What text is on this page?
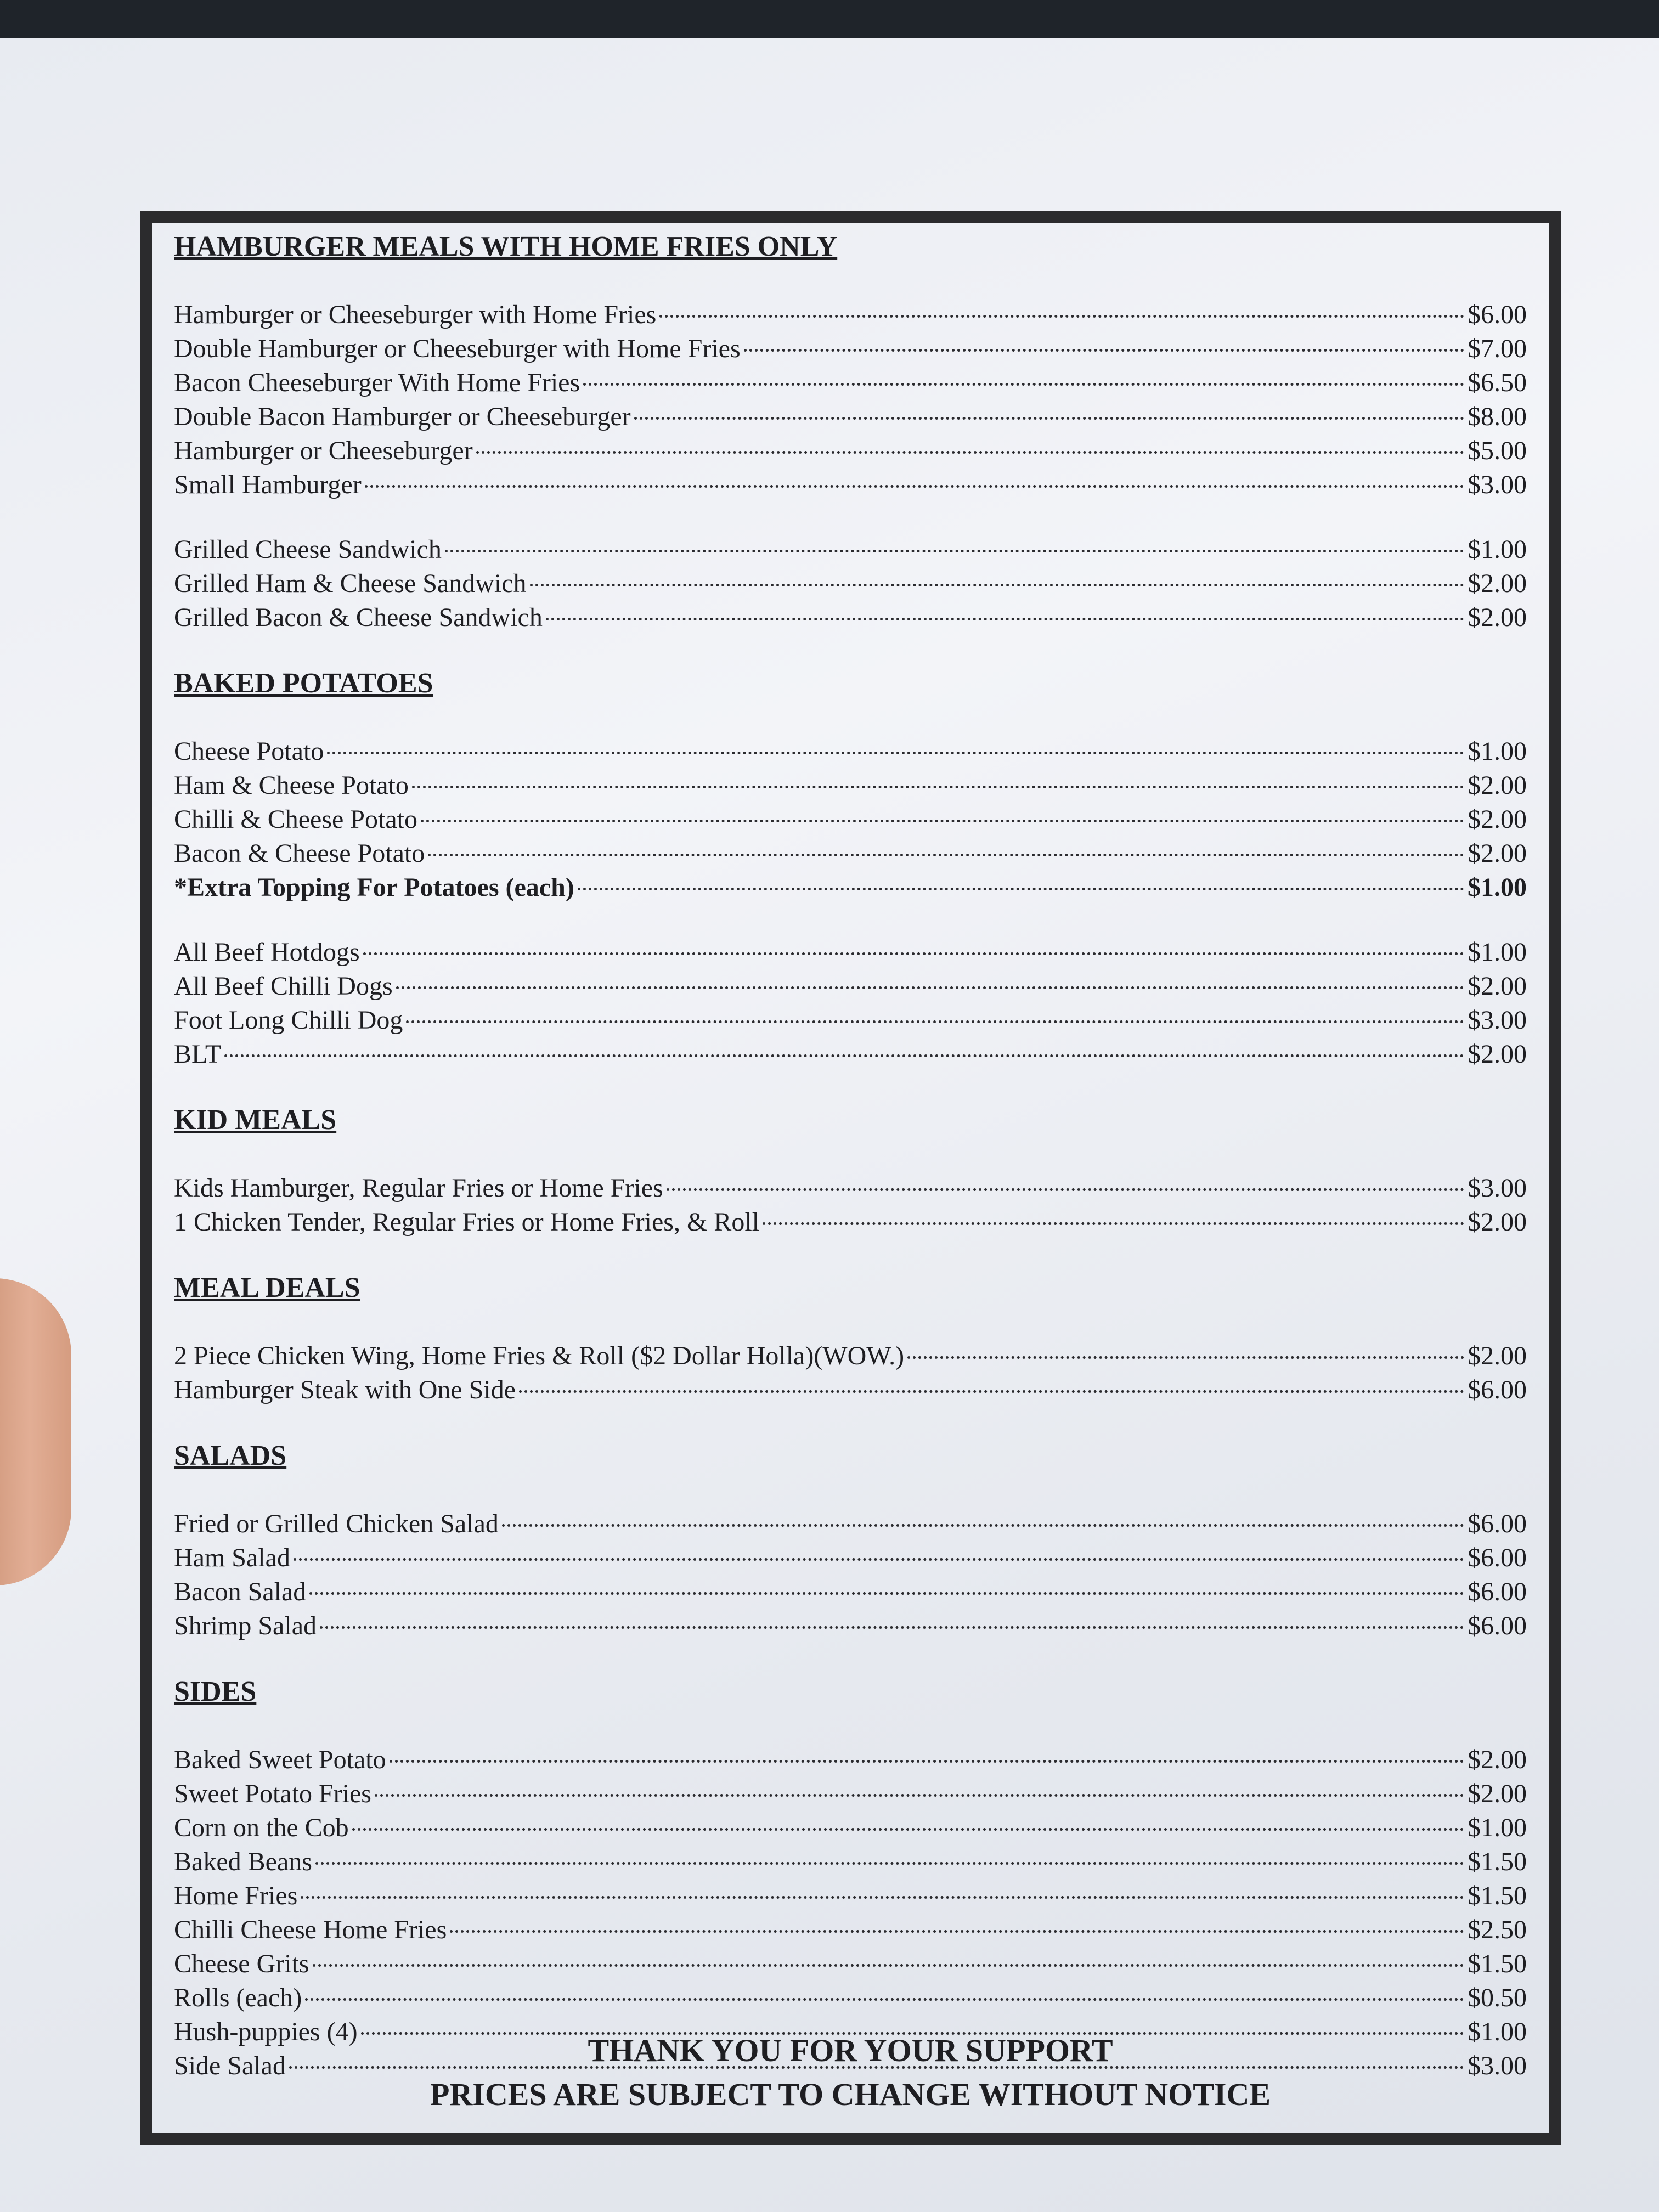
HAMBURGER MEALS WITH HOME FRIES ONLY
Hamburger or Cheeseburger with Home Fries	$6.00
Double Hamburger or Cheeseburger with Home Fries	$7.00
Bacon Cheeseburger With Home Fries	$6.50
Double Bacon Hamburger or Cheeseburger	$8.00
Hamburger or Cheeseburger	$5.00
Small Hamburger	$3.00
Grilled Cheese Sandwich	$1.00
Grilled Ham & Cheese Sandwich	$2.00
Grilled Bacon & Cheese Sandwich	$2.00
BAKED POTATOES
Cheese Potato	$1.00
Ham & Cheese Potato	$2.00
Chilli & Cheese Potato	$2.00
Bacon & Cheese Potato	$2.00
*Extra Topping For Potatoes (each)	$1.00
All Beef Hotdogs	$1.00
All Beef Chilli Dogs	$2.00
Foot Long Chilli Dog	$3.00
BLT	$2.00
KID MEALS
Kids Hamburger, Regular Fries or Home Fries	$3.00
1 Chicken Tender, Regular Fries or Home Fries, & Roll	$2.00
MEAL DEALS
2 Piece Chicken Wing, Home Fries & Roll ($2 Dollar Holla)(WOW.)	$2.00
Hamburger Steak with One Side	$6.00
SALADS
Fried or Grilled Chicken Salad	$6.00
Ham Salad	$6.00
Bacon Salad	$6.00
Shrimp Salad	$6.00
SIDES
Baked Sweet Potato	$2.00
Sweet Potato Fries	$2.00
Corn on the Cob	$1.00
Baked Beans	$1.50
Home Fries	$1.50
Chilli Cheese Home Fries	$2.50
Cheese Grits	$1.50
Rolls (each)	$0.50
Hush-puppies (4)	$1.00
Side Salad	$3.00
THANK YOU FOR YOUR SUPPORT
PRICES ARE SUBJECT TO CHANGE WITHOUT NOTICE
